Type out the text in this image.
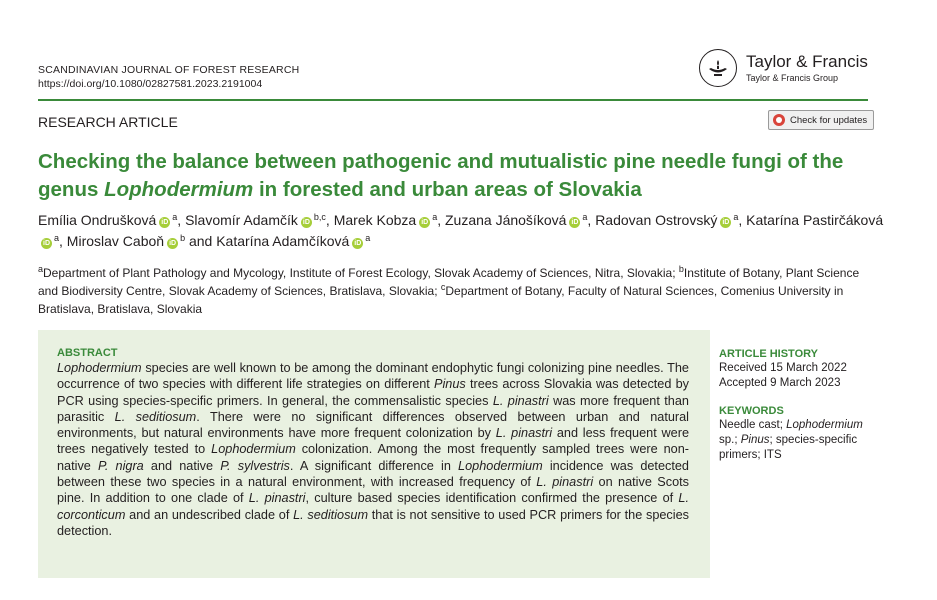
SCANDINAVIAN JOURNAL OF FOREST RESEARCH
https://doi.org/10.1080/02827581.2023.2191004
Taylor & Francis
Taylor & Francis Group
RESEARCH ARTICLE	Check for updates
Checking the balance between pathogenic and mutualistic pine needle fungi of the genus Lophodermium in forested and urban areas of Slovakia
Emília Ondrušková $iD^a$, Slavomír Adamčík iD$^{b,c}$, Marek Kobza $iD^a$, Zuzana Jánošíková $iD^a$, Radovan Ostrovský $iD^a$, Katarína PastirčákováiD$^a$, Miroslav Caboň $iD^b$ and Katarína Adamčíková $iD^a$
$^a$Department of Plant Pathology and Mycology, Institute of Forest Ecology, Slovak Academy of Sciences, Nitra, Slovakia; $^b$Institute of Botany, Plant Science and Biodiversity Centre, Slovak Academy of Sciences, Bratislava, Slovakia; $^c$Department of Botany, Faculty of Natural Sciences, Comenius University in Bratislava, Bratislava, Slovakia
ABSTRACT
Lophodermium species are well known to be among the dominant endophytic fungi colonizing pine needles. The occurrence of two species with different life strategies on different Pinus trees across Slovakia was detected by PCR using species-specific primers. In general, the commensalistic species L. pinastri was more frequent than parasitic L. seditiosum. There were no significant differences observed between urban and natural environments, but natural environments have more frequent colonization by L. pinastri and less frequent were trees negatively tested to Lophodermium colonization. Among the most frequently sampled trees were non-native P. nigra and native P. sylvestris. A significant difference in Lophodermium incidence was detected between these two species in a natural environment, with increased frequency of L. pinastri on native Scots pine. In addition to one clade of L. pinastri, culture based species identification confirmed the presence of L. corconticum and an undescribed clade of L. seditiosum that is not sensitive to used PCR primers for the species detection.
ARTICLE HISTORY
Received 15 March 2022
Accepted 9 March 2023
KEYWORDS
Needle cast; Lophodermium sp.; Pinus; species-specific primers; ITS
